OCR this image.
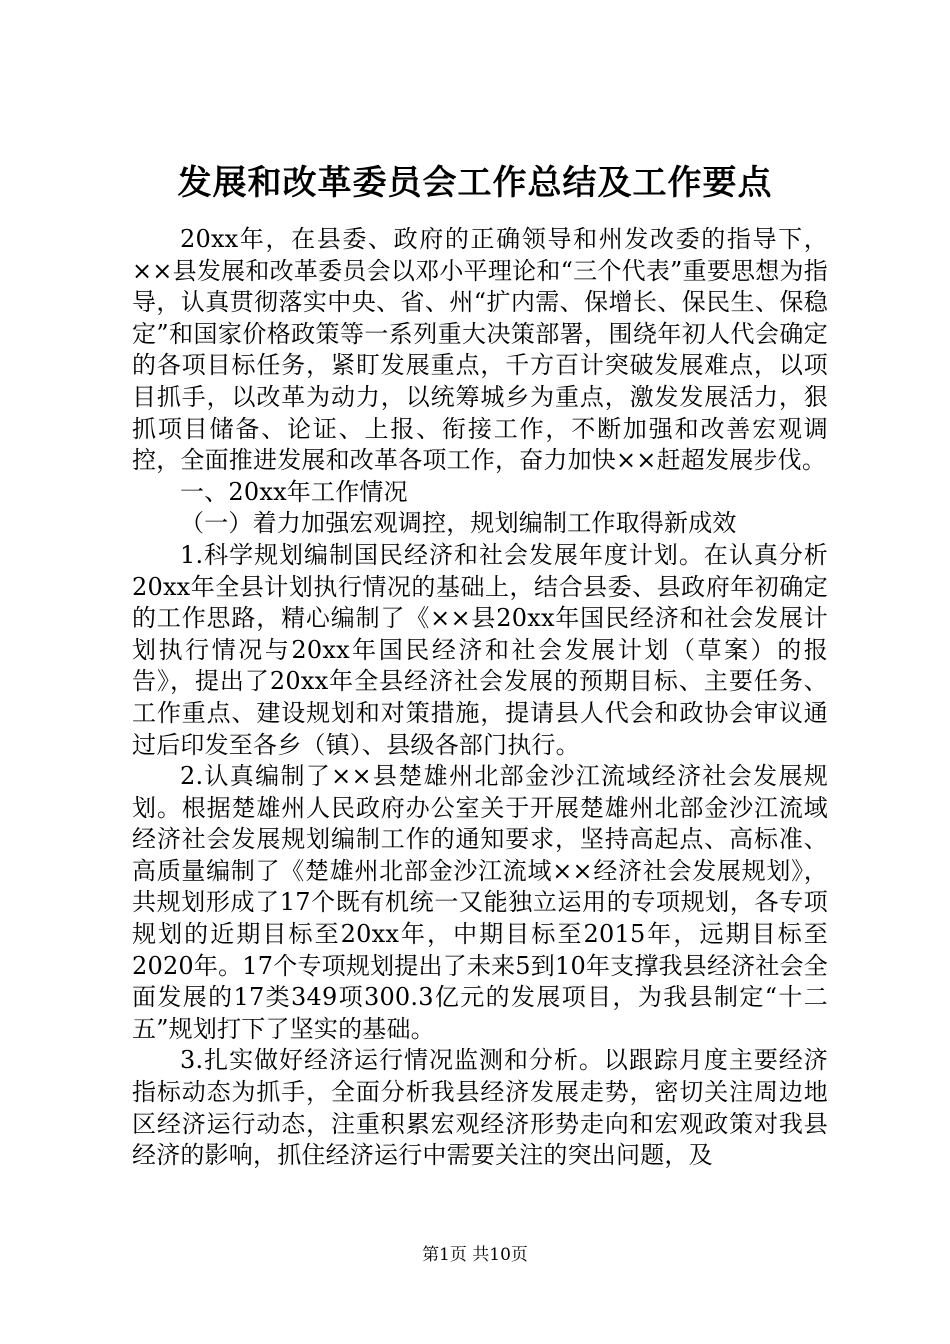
发展和改革委员会工作总结及工作要点

20xx年，在县委、政府的正确领导和州发改委的指导下，××县发展和改革委员会以邓小平理论和“三个代表”重要思想为指导，认真贯彻落实中央、省、州“扩内需、保增长、保民生、保稳定”和国家价格政策等一系列重大决策部署，围绕年初人代会确定的各项目标任务，紧盯发展重点，千方百计突破发展难点，以项目抓手，以改革为动力，以统筹城乡为重点，激发发展活力，狠抓项目储备、论证、上报、衔接工作，不断加强和改善宏观调控，全面推进发展和改革各项工作，奋力加快××赶超发展步伐。

一、20xx年工作情况

（一）着力加强宏观调控，规划编制工作取得新成效

1.科学规划编制国民经济和社会发展年度计划。在认真分析20xx年全县计划执行情况的基础上，结合县委、县政府年初确定的工作思路，精心编制了《××县20xx年国民经济和社会发展计划执行情况与20xx年国民经济和社会发展计划（草案）的报告》，提出了20xx年全县经济社会发展的预期目标、主要任务、工作重点、建设规划和对策措施，提请县人代会和政协会审议通过后印发至各乡（镇）、县级各部门执行。

2.认真编制了××县楚雄州北部金沙江流域经济社会发展规划。根据楚雄州人民政府办公室关于开展楚雄州北部金沙江流域经济社会发展规划编制工作的通知要求，坚持高起点、高标准、高质量编制了《楚雄州北部金沙江流域××经济社会发展规划》，共规划形成了17个既有机统一又能独立运用的专项规划，各专项规划的近期目标至20xx年，中期目标至2015年，远期目标至2020年。17个专项规划提出了未来5到10年支撑我县经济社会全面发展的17类349项300.3亿元的发展项目，为我县制定“十二五”规划打下了坚实的基础。

3.扎实做好经济运行情况监测和分析。以跟踪月度主要经济指标动态为抓手，全面分析我县经济发展走势，密切关注周边地区经济运行动态，注重积累宏观经济形势走向和宏观政策对我县经济的影响，抓住经济运行中需要关注的突出问题，及

第1页 共10页
